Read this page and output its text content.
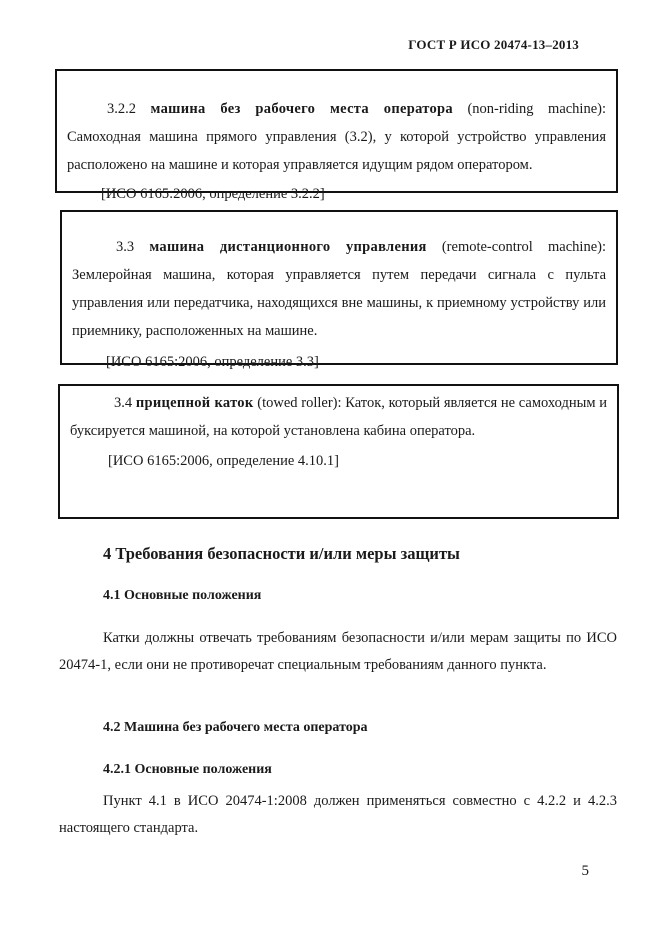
ГОСТ Р ИСО 20474-13–2013

3.2.2 машина без рабочего места оператора (non-riding machine): Самоходная машина прямого управления (3.2), у которой устройство управления расположено на машине и которая управляется идущим рядом оператором.

[ИСО 6165:2006, определение 3.2.2]

3.3 машина дистанционного управления (remote-control machine): Землеройная машина, которая управляется путем передачи сигнала с пульта управления или передатчика, находящихся вне машины, к приемному устройству или приемнику, расположенных на машине.

[ИСО 6165:2006, определение 3.3]

3.4 прицепной каток (towed roller): Каток, который является не самоходным и буксируется машиной, на которой установлена кабина оператора.

[ИСО 6165:2006, определение 4.10.1]

4 Требования безопасности и/или меры защиты
4.1 Основные положения

Катки должны отвечать требованиям безопасности и/или мерам защиты по ИСО 20474-1, если они не противоречат специальным требованиям данного пункта.

4.2 Машина без рабочего места оператора
4.2.1 Основные положения

Пункт 4.1 в ИСО 20474-1:2008 должен применяться совместно с 4.2.2 и 4.2.3 настоящего стандарта.

5
